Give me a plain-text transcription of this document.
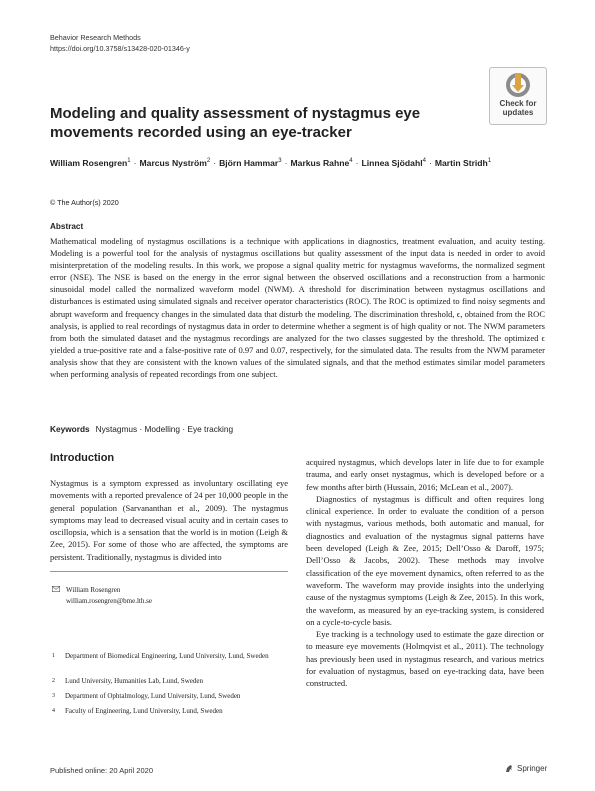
Behavior Research Methods
https://doi.org/10.3758/s13428-020-01346-y
Check for
updates
Modeling and quality assessment of nystagmus eye movements recorded using an eye-tracker
William Rosengren$^1$ · Marcus Nyström$^2$ · Björn Hammar$^3$ · Markus Rahne$^4$ · Linnea Sjödahl$^4$ · Martin Stridh$^1$
© The Author(s) 2020
Abstract
Mathematical modeling of nystagmus oscillations is a technique with applications in diagnostics, treatment evaluation, and acuity testing. Modeling is a powerful tool for the analysis of nystagmus oscillations but quality assessment of the input data is needed in order to avoid misinterpretation of the modeling results. In this work, we propose a signal quality metric for nystagmus waveforms, the normalized segment error (NSE). The NSE is based on the energy in the error signal between the observed oscillations and a reconstruction from a harmonic sinusoidal model called the normalized waveform model (NWM). A threshold for discrimination between nystagmus oscillations and disturbances is estimated using simulated signals and receiver operator characteristics (ROC). The ROC is optimized to find noisy segments and abrupt waveform and frequency changes in the simulated data that disturb the modeling. The discrimination threshold, ϵ, obtained from the ROC analysis, is applied to real recordings of nystagmus data in order to determine whether a segment is of high quality or not. The NWM parameters from both the simulated dataset and the nystagmus recordings are analyzed for the two classes suggested by the threshold. The optimized ϵ yielded a true-positive rate and a false-positive rate of 0.97 and 0.07, respectively, for the simulated data. The results from the NWM parameter analysis show that they are consistent with the known values of the simulated signals, and that the method estimates similar model parameters when performing analysis of repeated recordings from one subject.
Keywords Nystagmus · Modelling · Eye tracking
Introduction

Nystagmus is a symptom expressed as involuntary oscillating eye movements with a reported prevalence of 24 per 10,000 people in the general population (Sarvananthan et al., 2009). The nystagmus symptoms may lead to decreased visual acuity and in certain cases to oscillopsia, which is a sensation that the world is in motion (Leigh & Zee, 2015). For some of those who are affected, the symptoms are persistent. Traditionally, nystagmus is divided into

acquired nystagmus, which develops later in life due to for example trauma, and early onset nystagmus, which is developed before or a few months after birth (Hussain, 2016; McLean et al., 2007).

Diagnostics of nystagmus is difficult and often requires long clinical experience. In order to evaluate the condition of a person with nystagmus, various methods, both automatic and manual, for diagnostics and evaluation of the nystagmus signal patterns have been developed (Leigh & Zee, 2015; Dell’Osso & Daroff, 1975; Dell’Osso & Jacobs, 2002). These methods may involve classification of the eye movement dynamics, often referred to as the waveform. The waveform may provide insights into the underlying cause of the nystagmus symptoms (Leigh & Zee, 2015). In this work, the waveform, as measured by an eye-tracking system, is considered on a cycle-to-cycle basis.

Eye tracking is a technology used to estimate the gaze direction or to measure eye movements (Holmqvist et al., 2011). The technology has previously been used in nystagmus research, and various metrics for evaluation of nystagmus, based on eye-tracking data, have been constructed.

William Rosengren
william.rosengren@bme.lth.se
1 Department of Biomedical Engineering, Lund University, Lund, Sweden
2 Lund University, Humanities Lab, Lund, Sweden
3 Department of Ophtalmology, Lund University, Lund, Sweden
4 Faculty of Engineering, Lund University, Lund, Sweden
Published online: 20 April 2020	Springer
